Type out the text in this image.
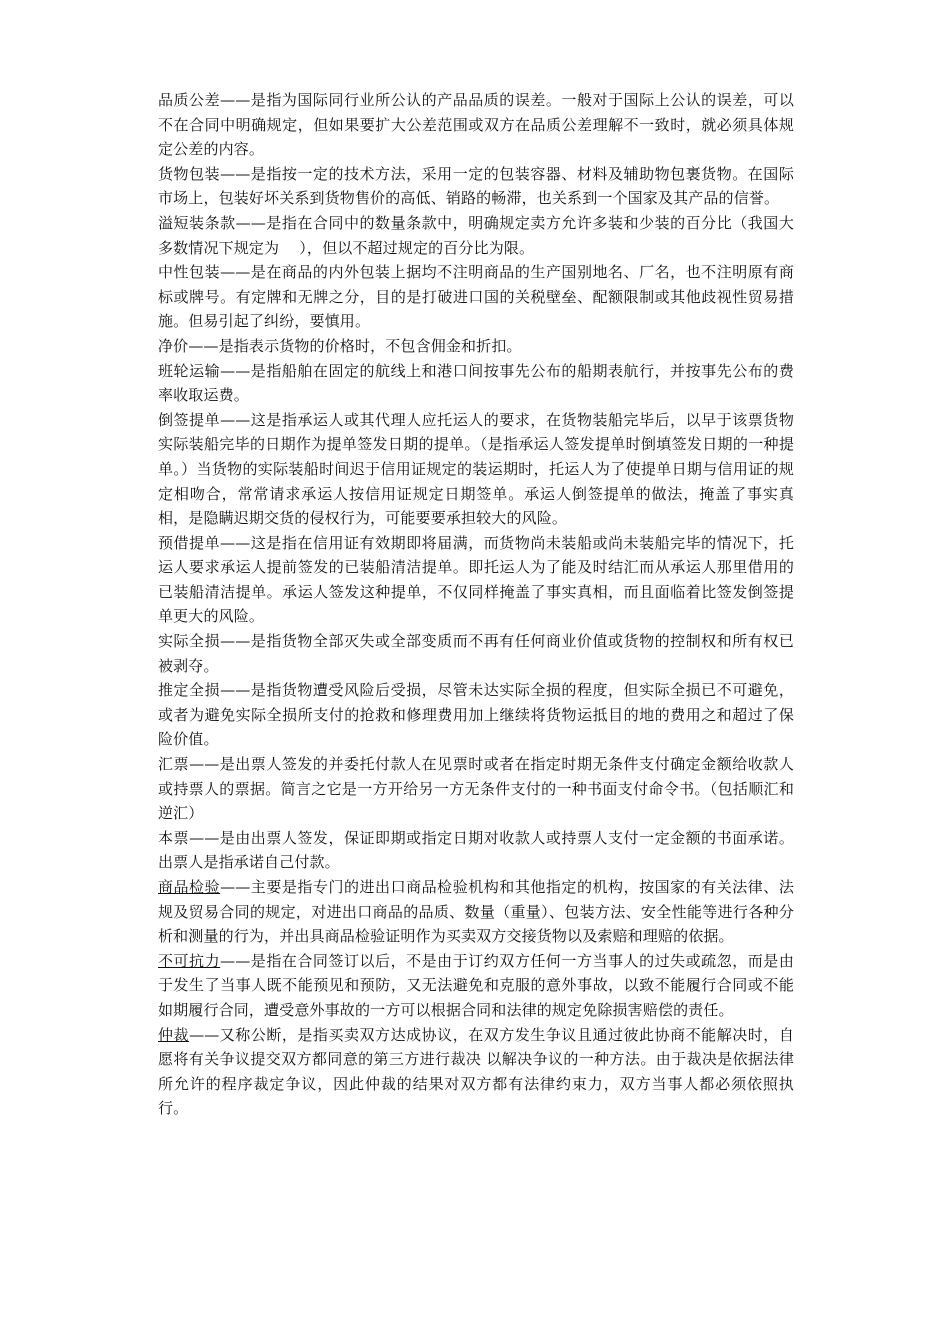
品质公差——是指为国际同行业所公认的产品品质的误差。一般对于国际上公认的误差，可以不在合同中明确规定，但如果要扩大公差范围或双方在品质公差理解不一致时，就必须具体规定公差的内容。

货物包装——是指按一定的技术方法，采用一定的包装容器、材料及辅助物包裹货物。在国际市场上，包装好坏关系到货物售价的高低、销路的畅滞，也关系到一个国家及其产品的信誉。

溢短装条款——是指在合同中的数量条款中，明确规定卖方允许多装和少装的百分比（我国大多数情况下规定为　 ），但以不超过规定的百分比为限。

中性包装——是在商品的内外包装上据均不注明商品的生产国别地名、厂名，也不注明原有商标或牌号。有定牌和无牌之分，目的是打破进口国的关税壁垒、配额限制或其他歧视性贸易措施。但易引起了纠纷，要慎用。

净价——是指表示货物的价格时，不包含佣金和折扣。

班轮运输——是指船舶在固定的航线上和港口间按事先公布的船期表航行，并按事先公布的费率收取运费。

倒签提单——这是指承运人或其代理人应托运人的要求，在货物装船完毕后，以早于该票货物实际装船完毕的日期作为提单签发日期的提单。（是指承运人签发提单时倒填签发日期的一种提单。）当货物的实际装船时间迟于信用证规定的装运期时，托运人为了使提单日期与信用证的规定相吻合，常常请求承运人按信用证规定日期签单。承运人倒签提单的做法，掩盖了事实真相，是隐瞒迟期交货的侵权行为，可能要要承担较大的风险。

预借提单——这是指在信用证有效期即将届满，而货物尚未装船或尚未装船完毕的情况下，托运人要求承运人提前签发的已装船清洁提单。即托运人为了能及时结汇而从承运人那里借用的已装船清洁提单。承运人签发这种提单，不仅同样掩盖了事实真相，而且面临着比签发倒签提单更大的风险。

实际全损——是指货物全部灭失或全部变质而不再有任何商业价值或货物的控制权和所有权已被剥夺。

推定全损——是指货物遭受风险后受损，尽管未达实际全损的程度，但实际全损已不可避免，或者为避免实际全损所支付的抢救和修理费用加上继续将货物运抵目的地的费用之和超过了保险价值。

汇票——是出票人签发的并委托付款人在见票时或者在指定时期无条件支付确定金额给收款人或持票人的票据。简言之它是一方开给另一方无条件支付的一种书面支付命令书。（包括顺汇和逆汇）

本票——是由出票人签发，保证即期或指定日期对收款人或持票人支付一定金额的书面承诺。出票人是指承诺自己付款。

商品检验——主要是指专门的进出口商品检验机构和其他指定的机构，按国家的有关法律、法规及贸易合同的规定，对进出口商品的品质、数量（重量）、包装方法、安全性能等进行各种分析和测量的行为，并出具商品检验证明作为买卖双方交接货物以及索赔和理赔的依据。

不可抗力——是指在合同签订以后，不是由于订约双方任何一方当事人的过失或疏忽，而是由于发生了当事人既不能预见和预防，又无法避免和克服的意外事故，以致不能履行合同或不能如期履行合同，遭受意外事故的一方可以根据合同和法律的规定免除损害赔偿的责任。

仲裁——又称公断，是指买卖双方达成协议，在双方发生争议且通过彼此协商不能解决时，自愿将有关争议提交双方都同意的第三方进行裁决 以解决争议的一种方法。由于裁决是依据法律所允许的程序裁定争议，因此仲裁的结果对双方都有法律约束力，双方当事人都必须依照执行。
